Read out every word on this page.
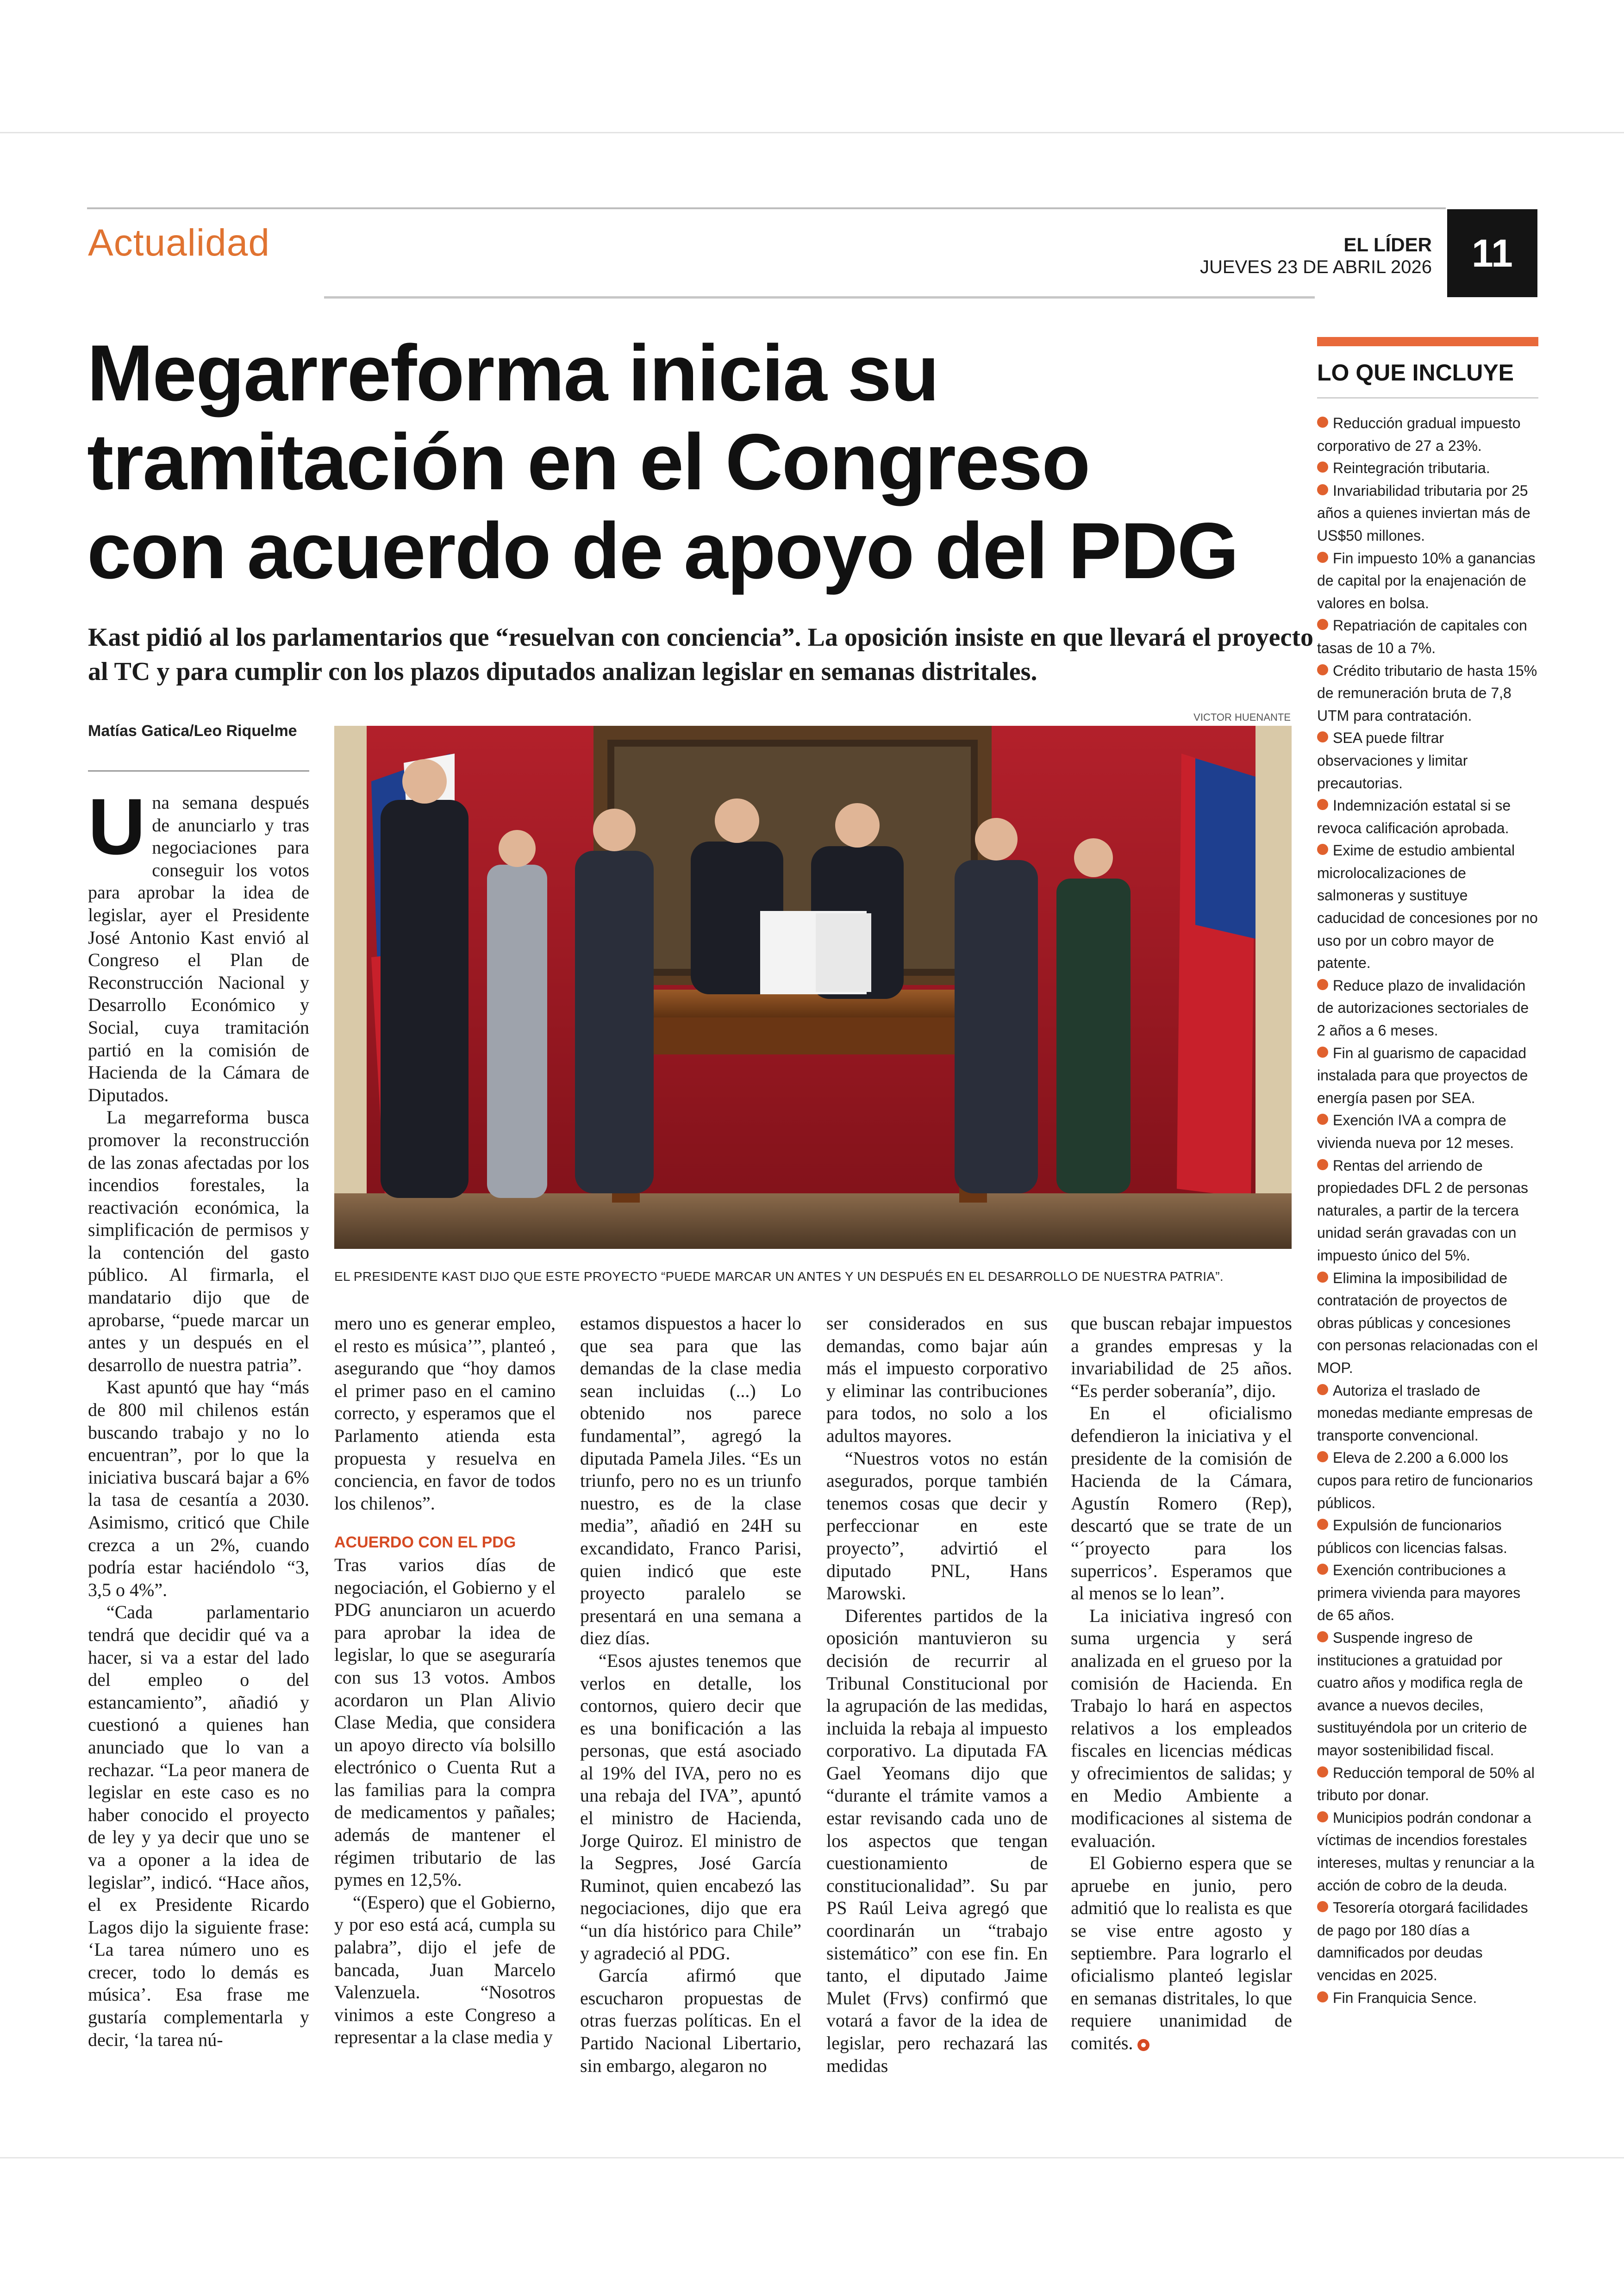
Actualidad	EL LÍDER
JUEVES 23 DE ABRIL 2026	11
Megarreforma inicia su
tramitación en el Congreso
con acuerdo de apoyo del PDG

Kast pidió al los parlamentarios que “resuelvan con conciencia”. La oposición insiste en que llevará el proyecto al TC y para cumplir con los plazos diputados analizan legislar en semanas distritales.

Matías Gatica/Leo Riquelme
VICTOR HUENANTE
EL PRESIDENTE KAST DIJO QUE ESTE PROYECTO “PUEDE MARCAR UN ANTES Y UN DESPUÉS EN EL DESARROLLO DE NUESTRA PATRIA”.

Una semana después de anunciarlo y tras negociaciones para conseguir los votos para aprobar la idea de legislar, ayer el Presidente José Antonio Kast envió al Congreso el Plan de Reconstrucción Nacional y Desarrollo Económico y Social, cuya tramitación partió en la comisión de Hacienda de la Cámara de Diputados.

La megarreforma busca promover la reconstrucción de las zonas afectadas por los incendios forestales, la reactivación económica, la simplificación de permisos y la contención del gasto público. Al firmarla, el mandatario dijo que de aprobarse, “puede marcar un antes y un después en el desarrollo de nuestra patria”.

Kast apuntó que hay “más de 800 mil chilenos están buscando trabajo y no lo encuentran”, por lo que la iniciativa buscará bajar a 6% la tasa de cesantía a 2030. Asimismo, criticó que Chile crezca a un 2%, cuando podría estar haciéndolo “3, 3,5 o 4%”.

“Cada parlamentario tendrá que decidir qué va a hacer, si va a estar del lado del empleo o del estancamiento”, añadió y cuestionó a quienes han anunciado que lo van a rechazar. “La peor manera de legislar en este caso es no haber conocido el proyecto de ley y ya decir que uno se va a oponer a la idea de legislar”, indicó. “Hace años, el ex Presidente Ricardo Lagos dijo la siguiente frase: ‘La tarea número uno es crecer, todo lo demás es música’. Esa frase me gustaría complementarla y decir, ‘la tarea nú-

mero uno es generar empleo, el resto es música’”, planteó , asegurando que “hoy damos el primer paso en el camino correcto, y esperamos que el Parlamento atienda esta propuesta y resuelva en conciencia, en favor de todos los chilenos”.

ACUERDO CON EL PDG

Tras varios días de negociación, el Gobierno y el PDG anunciaron un acuerdo para aprobar la idea de legislar, lo que se aseguraría con sus 13 votos. Ambos acordaron un Plan Alivio Clase Media, que considera un apoyo directo vía bolsillo electrónico o Cuenta Rut a las familias para la compra de medicamentos y pañales; además de mantener el régimen tributario de las pymes en 12,5%.

“(Espero) que el Gobierno, y por eso está acá, cumpla su palabra”, dijo el jefe de bancada, Juan Marcelo Valenzuela. “Nosotros vinimos a este Congreso a representar a la clase media y

estamos dispuestos a hacer lo que sea para que las demandas de la clase media sean incluidas (...) Lo obtenido nos parece fundamental”, agregó la diputada Pamela Jiles. “Es un triunfo, pero no es un triunfo nuestro, es de la clase media”, añadió en 24H su excandidato, Franco Parisi, quien indicó que este proyecto paralelo se presentará en una semana a diez días.

“Esos ajustes tenemos que verlos en detalle, los contornos, quiero decir que es una bonificación a las personas, que está asociado al 19% del IVA, pero no es una rebaja del IVA”, apuntó el ministro de Hacienda, Jorge Quiroz. El ministro de la Segpres, José García Ruminot, quien encabezó las negociaciones, dijo que era “un día histórico para Chile” y agradeció al PDG.

García afirmó que escucharon propuestas de otras fuerzas políticas. En el Partido Nacional Libertario, sin embargo, alegaron no

ser considerados en sus demandas, como bajar aún más el impuesto corporativo y eliminar las contribuciones para todos, no solo a los adultos mayores.

“Nuestros votos no están asegurados, porque también tenemos cosas que decir y perfeccionar en este proyecto”, advirtió el diputado PNL, Hans Marowski.

Diferentes partidos de la oposición mantuvieron su decisión de recurrir al Tribunal Constitucional por la agrupación de las medidas, incluida la rebaja al impuesto corporativo. La diputada FA Gael Yeomans dijo que “durante el trámite vamos a estar revisando cada uno de los aspectos que tengan cuestionamiento de constitucionalidad”. Su par PS Raúl Leiva agregó que coordinarán un “trabajo sistemático” con ese fin. En tanto, el diputado Jaime Mulet (Frvs) confirmó que votará a favor de la idea de legislar, pero rechazará las medidas

que buscan rebajar impuestos a grandes empresas y la invariabilidad de 25 años. “Es perder soberanía”, dijo.

En el oficialismo defendieron la iniciativa y el presidente de la comisión de Hacienda de la Cámara, Agustín Romero (Rep), descartó que se trate de un “´proyecto para los superricos’. Esperamos que al menos se lo lean”.

La iniciativa ingresó con suma urgencia y será analizada en el grueso por la comisión de Hacienda. En Trabajo lo hará en aspectos relativos a los empleados fiscales en licencias médicas y ofrecimientos de salidas; y en Medio Ambiente a modificaciones al sistema de evaluación.

El Gobierno espera que se apruebe en junio, pero admitió que lo realista es que se vise entre agosto y septiembre. Para lograrlo el oficialismo planteó legislar en semanas distritales, lo que requiere unanimidad de comités.

LO QUE INCLUYE
Reducción gradual impuesto corporativo de 27 a 23%.
Reintegración tributaria.
Invariabilidad tributaria por 25 años a quienes inviertan más de US$50 millones.
Fin impuesto 10% a ganancias de capital por la enajenación de valores en bolsa.
Repatriación de capitales con tasas de 10 a 7%.
Crédito tributario de hasta 15% de remuneración bruta de 7,8 UTM para contratación.
SEA puede filtrar observaciones y limitar precautorias.
Indemnización estatal si se revoca calificación aprobada.
Exime de estudio ambiental microlocalizaciones de salmoneras y sustituye caducidad de concesiones por no uso por un cobro mayor de patente.
Reduce plazo de invalidación de autorizaciones sectoriales de 2 años a 6 meses.
Fin al guarismo de capacidad instalada para que proyectos de energía pasen por SEA.
Exención IVA a compra de vivienda nueva por 12 meses.
Rentas del arriendo de propiedades DFL 2 de personas naturales, a partir de la tercera unidad serán gravadas con un impuesto único del 5%.
Elimina la imposibilidad de contratación de proyectos de obras públicas y concesiones con personas relacionadas con el MOP.
Autoriza el traslado de monedas mediante empresas de transporte convencional.
Eleva de 2.200 a 6.000 los cupos para retiro de funcionarios públicos.
Expulsión de funcionarios públicos con licencias falsas.
Exención contribuciones a primera vivienda para mayores de 65 años.
Suspende ingreso de instituciones a gratuidad por cuatro años y modifica regla de avance a nuevos deciles, sustituyéndola por un criterio de mayor sostenibilidad fiscal.
Reducción temporal de 50% al tributo por donar.
Municipios podrán condonar a víctimas de incendios forestales intereses, multas y renunciar a la acción de cobro de la deuda.
Tesorería otorgará facilidades de pago por 180 días a damnificados por deudas vencidas en 2025.
Fin Franquicia Sence.
